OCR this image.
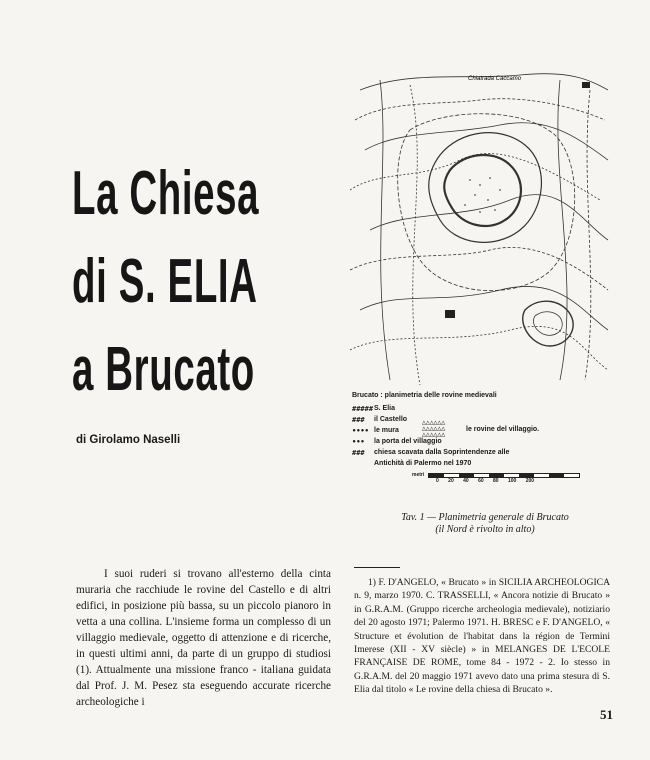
La Chiesa
di S. ELIA
a Brucato
di Girolamo Naselli
Chiatrada Caccamo
Brucato : planimetria delle rovine medievali
##### S. Elia
###	il Castello
•••• le mura
•••	la porta del villaggio
###	chiesa scavata dalla Soprintendenze alle
Antichità di Palermo nel 1970
△△△△△△ △△△△△△ △△△△△△
le rovine del villaggio.
metri
0 20 40 60 80 100 200
Tav. 1 — Planimetria generale di Brucato
(il Nord è rivolto in alto)

I suoi ruderi si trovano all'esterno della cinta muraria che racchiude le rovine del Castello e di altri edifici, in posizione più bassa, su un piccolo pianoro in vetta a una collina. L'insieme forma un complesso di un villaggio medievale, oggetto di attenzione e di ricerche, in questi ultimi anni, da parte di un gruppo di studiosi (1). Attualmente una missione franco - italiana guidata dal Prof. J. M. Pesez sta eseguendo accurate ricerche archeologiche i

1) F. D'ANGELO, « Brucato » in SICILIA ARCHEOLOGICA n. 9, marzo 1970. C. TRASSELLI, « Ancora notizie di Brucato » in G.R.A.M. (Gruppo ricerche archeologia medievale), notiziario del 20 agosto 1971; Palermo 1971. H. BRESC e F. D'ANGELO, « Structure et évolution de l'habitat dans la région de Termini Imerese (XII - XV siècle) » in MELANGES DE L'ECOLE FRANÇAISE DE ROME, tome 84 - 1972 - 2. Io stesso in G.R.A.M. del 20 maggio 1971 avevo dato una prima stesura di S. Elia dal titolo « Le rovine della chiesa di Brucato ».

51
